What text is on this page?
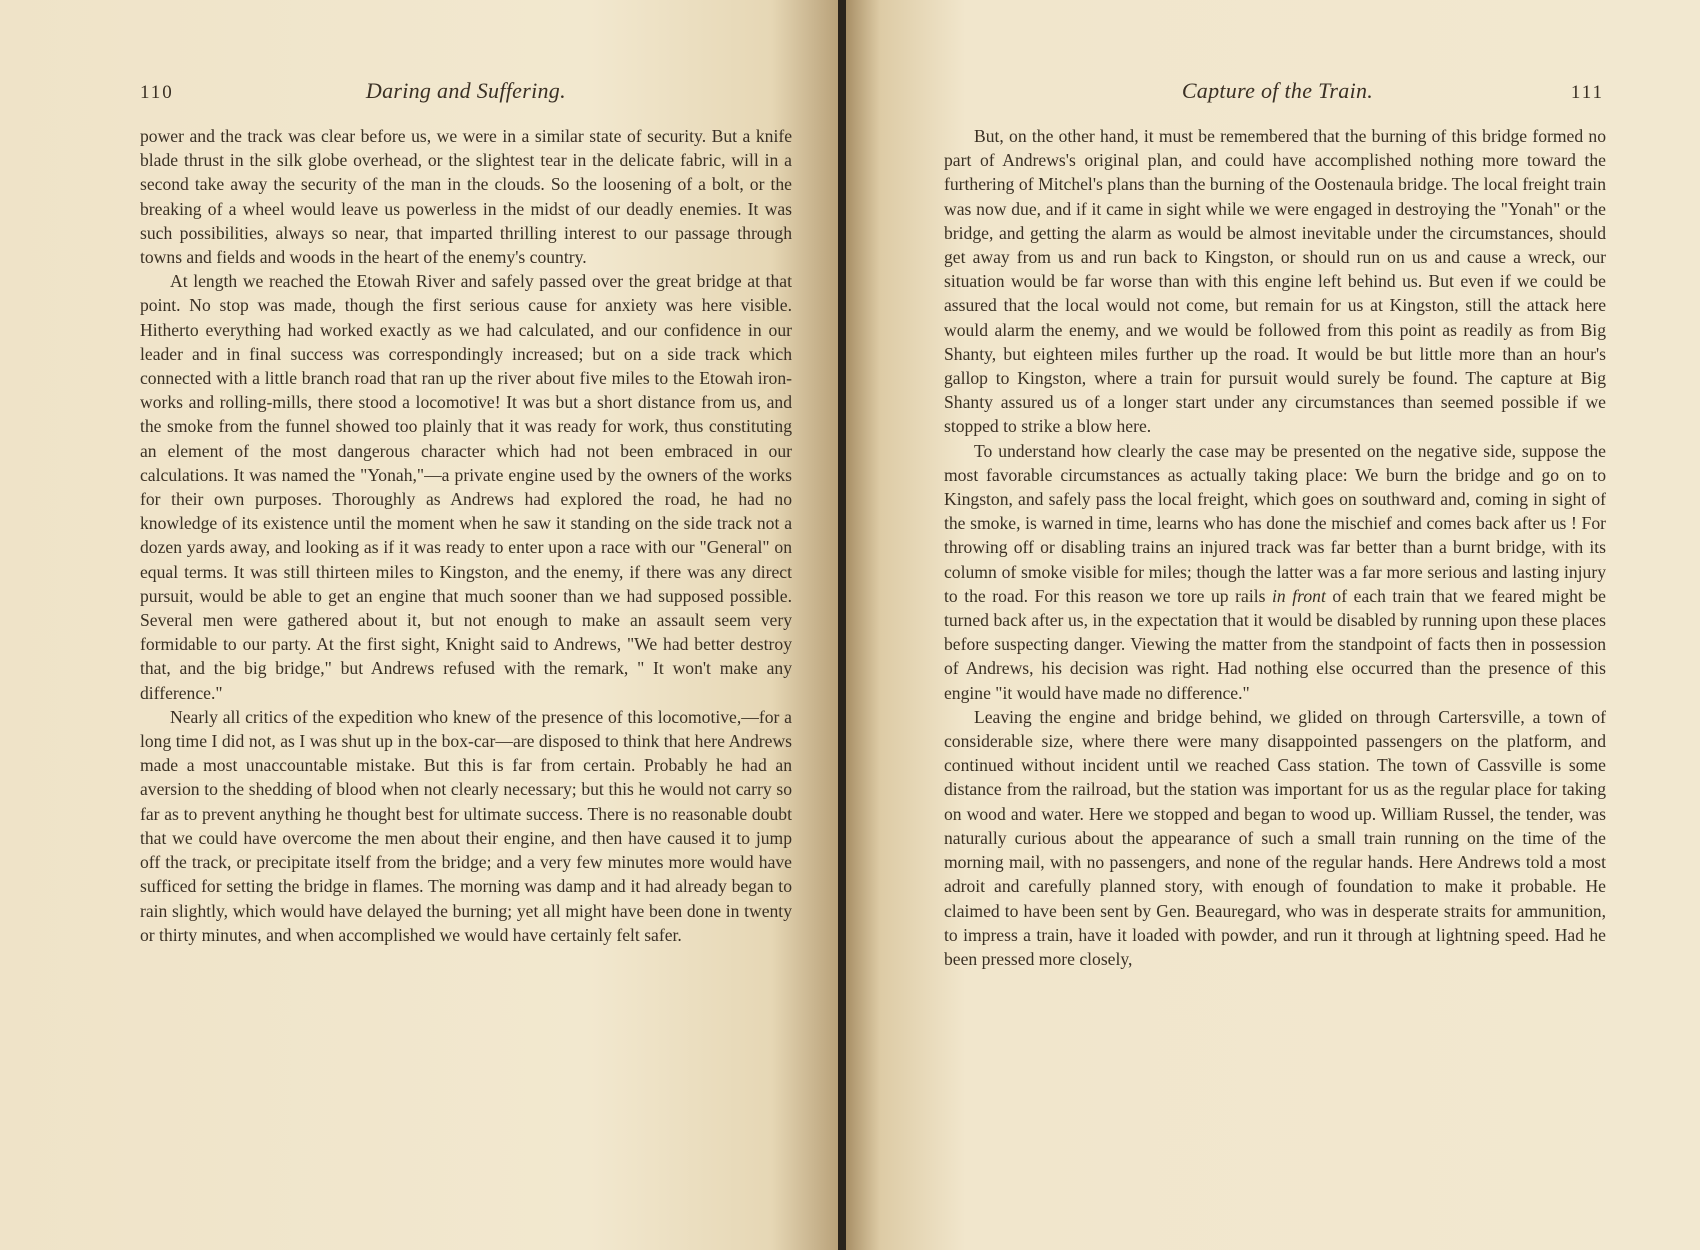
110	Daring and Suffering.

power and the track was clear before us, we were in a similar state of security. But a knife blade thrust in the silk globe overhead, or the slightest tear in the delicate fabric, will in a second take away the security of the man in the clouds. So the loosening of a bolt, or the breaking of a wheel would leave us powerless in the midst of our deadly enemies. It was such possibilities, always so near, that imparted thrilling interest to our passage through towns and fields and woods in the heart of the enemy's country.

At length we reached the Etowah River and safely passed over the great bridge at that point. No stop was made, though the first serious cause for anxiety was here visible. Hitherto everything had worked exactly as we had calculated, and our confidence in our leader and in final success was correspondingly increased; but on a side track which connected with a little branch road that ran up the river about five miles to the Etowah iron-works and rolling-mills, there stood a locomotive! It was but a short distance from us, and the smoke from the funnel showed too plainly that it was ready for work, thus constituting an element of the most dangerous character which had not been embraced in our calculations. It was named the "Yonah,"—a private engine used by the owners of the works for their own purposes. Thoroughly as Andrews had explored the road, he had no knowledge of its existence until the moment when he saw it standing on the side track not a dozen yards away, and looking as if it was ready to enter upon a race with our "General" on equal terms. It was still thirteen miles to Kingston, and the enemy, if there was any direct pursuit, would be able to get an engine that much sooner than we had supposed possible. Several men were gathered about it, but not enough to make an assault seem very formidable to our party. At the first sight, Knight said to Andrews, "We had better destroy that, and the big bridge," but Andrews refused with the remark, " It won't make any difference."

Nearly all critics of the expedition who knew of the presence of this locomotive,—for a long time I did not, as I was shut up in the box-car—are disposed to think that here Andrews made a most unaccountable mistake. But this is far from certain. Probably he had an aversion to the shedding of blood when not clearly necessary; but this he would not carry so far as to prevent anything he thought best for ultimate success. There is no reasonable doubt that we could have overcome the men about their engine, and then have caused it to jump off the track, or precipitate itself from the bridge; and a very few minutes more would have sufficed for setting the bridge in flames. The morning was damp and it had already began to rain slightly, which would have delayed the burning; yet all might have been done in twenty or thirty minutes, and when accomplished we would have certainly felt safer.

Capture of the Train.	111

But, on the other hand, it must be remembered that the burning of this bridge formed no part of Andrews's original plan, and could have accomplished nothing more toward the furthering of Mitchel's plans than the burning of the Oostenaula bridge. The local freight train was now due, and if it came in sight while we were engaged in destroying the "Yonah" or the bridge, and getting the alarm as would be almost inevitable under the circumstances, should get away from us and run back to Kingston, or should run on us and cause a wreck, our situation would be far worse than with this engine left behind us. But even if we could be assured that the local would not come, but remain for us at Kingston, still the attack here would alarm the enemy, and we would be followed from this point as readily as from Big Shanty, but eighteen miles further up the road. It would be but little more than an hour's gallop to Kingston, where a train for pursuit would surely be found. The capture at Big Shanty assured us of a longer start under any circumstances than seemed possible if we stopped to strike a blow here.

To understand how clearly the case may be presented on the negative side, suppose the most favorable circumstances as actually taking place: We burn the bridge and go on to Kingston, and safely pass the local freight, which goes on southward and, coming in sight of the smoke, is warned in time, learns who has done the mischief and comes back after us ! For throwing off or disabling trains an injured track was far better than a burnt bridge, with its column of smoke visible for miles; though the latter was a far more serious and lasting injury to the road. For this reason we tore up rails in front of each train that we feared might be turned back after us, in the expectation that it would be disabled by running upon these places before suspecting danger. Viewing the matter from the standpoint of facts then in possession of Andrews, his decision was right. Had nothing else occurred than the presence of this engine "it would have made no difference."

Leaving the engine and bridge behind, we glided on through Cartersville, a town of considerable size, where there were many disappointed passengers on the platform, and continued without incident until we reached Cass station. The town of Cassville is some distance from the railroad, but the station was important for us as the regular place for taking on wood and water. Here we stopped and began to wood up. William Russel, the tender, was naturally curious about the appearance of such a small train running on the time of the morning mail, with no passengers, and none of the regular hands. Here Andrews told a most adroit and carefully planned story, with enough of foundation to make it probable. He claimed to have been sent by Gen. Beauregard, who was in desperate straits for ammunition, to impress a train, have it loaded with powder, and run it through at lightning speed. Had he been pressed more closely,
